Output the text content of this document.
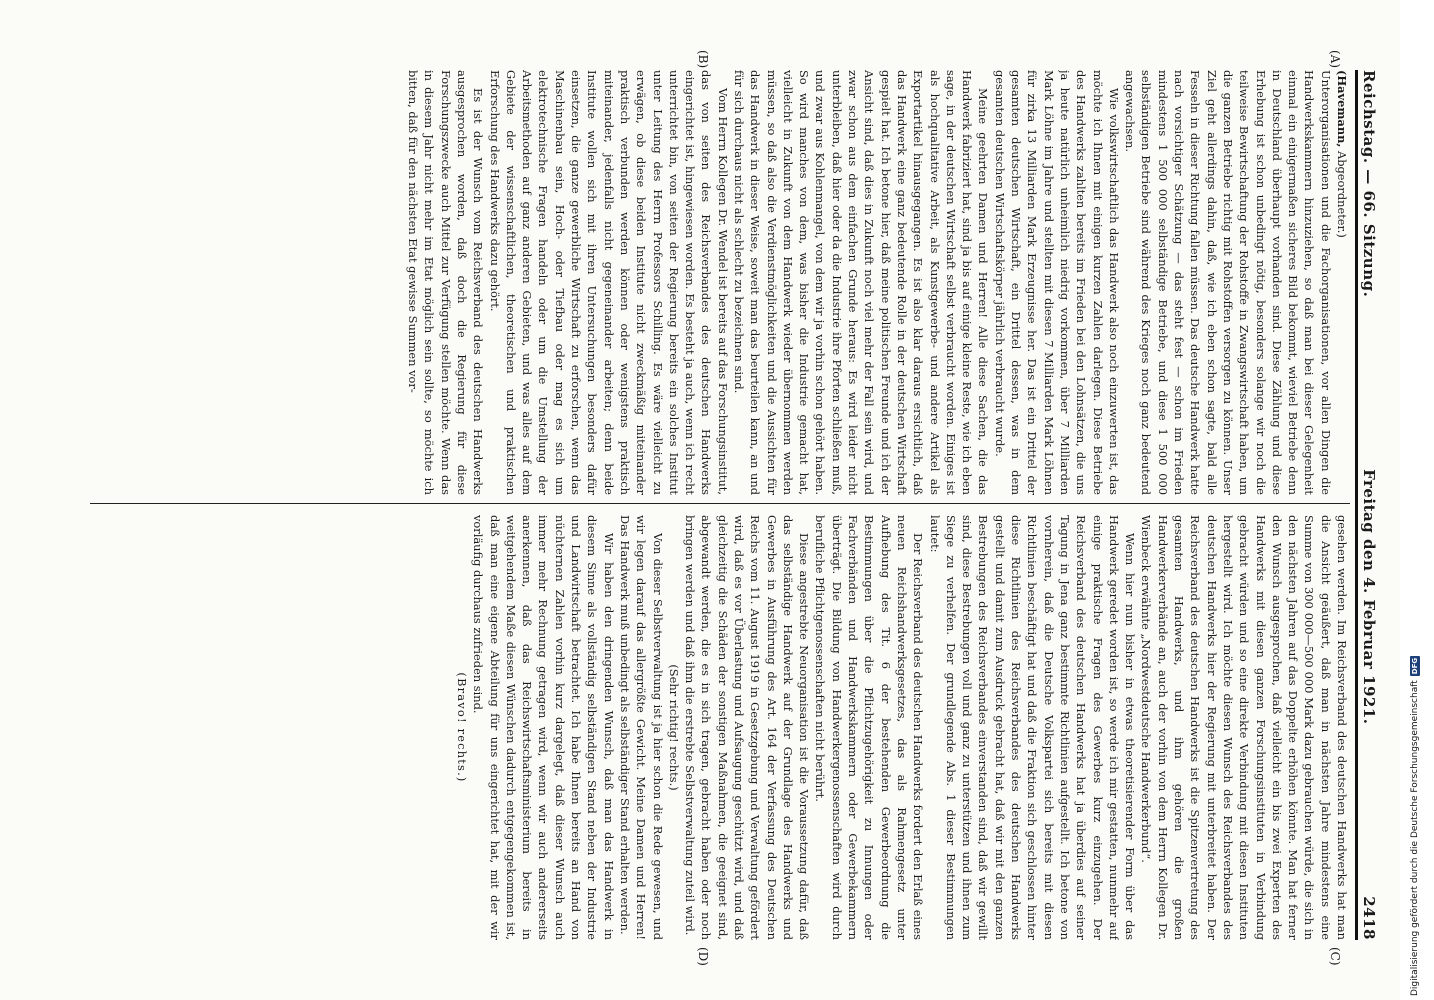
Reichstag. — 66. Sitzung.
Freitag den 4. Februar 1921.
2418
(A)
(B)
(C)
(D)

(Havemann, Abgeordneter.)

Unterorganisationen und die Fachorganisationen, vor allen Dingen die Handwerkskammern hinzuziehen, so daß man bei dieser Gelegenheit einmal ein einigermaßen sicheres Bild bekommt, wieviel Betriebe denn in Deutschland überhaupt vorhanden sind. Diese Zählung und diese Erhebung ist schon unbedingt nötig, besonders solange wir noch die teilweise Bewirtschaftung der Rohstoffe in Zwangswirtschaft haben, um die ganzen Betriebe richtig mit Rohstoffen versorgen zu können. Unser Ziel geht allerdings dahin, daß, wie ich eben schon sagte, bald alle Fesseln in dieser Richtung fallen müssen. Das deutsche Handwerk hatte nach vorsichtiger Schätzung — das steht fest — schon im Frieden mindestens 1 500 000 selbständige Betriebe, und diese 1 500 000 selbständigen Betriebe sind während des Krieges noch ganz bedeutend angewachsen.

Wie volkswirtschaftlich das Handwerk also noch einzuwerten ist, das möchte ich Ihnen mit einigen kurzen Zahlen darlegen. Diese Betriebe des Handwerks zahlten bereits im Frieden bei den Lohnsätzen, die uns ja heute natürlich unheimlich niedrig vorkommen, über 7 Milliarden Mark Löhne im Jahre und stellten mit diesen 7 Milliarden Mark Löhnen für zirka 13 Milliarden Mark Erzeugnisse her. Das ist ein Drittel der gesamten deutschen Wirtschaft, ein Drittel dessen, was in dem gesamten deutschen Wirtschaftskörper jährlich verbraucht wurde.

Meine geehrten Damen und Herren! Alle diese Sachen, die das Handwerk fabriziert hat, sind ja bis auf einige kleine Reste, wie ich eben sage, in der deutschen Wirtschaft selbst verbraucht worden. Einiges ist als hochqualitative Arbeit, als Kunstgewerbe- und andere Artikel als Exportartikel hinausgegangen. Es ist also klar daraus ersichtlich, daß das Handwerk eine ganz bedeutende Rolle in der deutschen Wirtschaft gespielt hat. Ich betone hier, daß meine politischen Freunde und ich der Ansicht sind, daß dies in Zukunft noch viel mehr der Fall sein wird, und zwar schon aus dem einfachen Grunde heraus: Es wird leider nicht unterbleiben, daß hier oder da die Industrie ihre Pforten schließen muß, und zwar aus Kohlenmangel, von dem wir ja vorhin schon gehört haben. So wird manches von dem, was bisher die Industrie gemacht hat, vielleicht in Zukunft von dem Handwerk wieder übernommen werden müssen, so daß also die Verdienstmöglichkeiten und die Aussichten für das Handwerk in dieser Weise, soweit man das beurteilen kann, an und für sich durchaus nicht als schlecht zu bezeichnen sind.

Vom Herrn Kollegen Dr. Wendel ist bereits auf das Forschungsinstitut, das von seiten des Reichsverbandes des deutschen Handwerks eingerichtet ist, hingewiesen worden. Es besteht ja auch, wenn ich recht unterrichtet bin, von seiten der Regierung bereits ein solches Institut unter Leitung des Herrn Professors Schilling. Es wäre vielleicht zu erwägen, ob diese beiden Institute nicht zweckmäßig miteinander praktisch verbunden werden können oder wenigstens praktisch miteinander, jedenfalls nicht gegeneinander arbeiten; denn beide Institute wollen sich mit ihren Untersuchungen besonders dafür einsetzen, die ganze gewerbliche Wirtschaft zu erforschen, wenn das Maschinenbau sein, Hoch- oder Tiefbau oder mag es sich um elektrotechnische Fragen handeln oder um die Umstellung der Arbeitsmethoden auf ganz anderen Gebieten, und was alles auf dem Gebiete der wissenschaftlichen, theoretischen und praktischen Erforschung des Handwerks dazu gehört.

Es ist der Wunsch vom Reichsverband des deutschen Handwerks ausgesprochen worden, daß doch die Regierung für diese Forschungszwecke auch Mittel zur Verfügung stellen möchte. Wenn das in diesem Jahr nicht mehr im Etat möglich sein sollte, so möchte ich bitten, daß für den nächsten Etat gewisse Summen vor-

gesehen werden. Im Reichsverband des deutschen Handwerks hat man die Ansicht geäußert, daß man in nächsten Jahre mindestens eine Summe von 300 000—500 000 Mark dazu gebrauchen würde, die sich in den nächsten Jahren auf das Doppelte erhöhen könnte. Man hat ferner den Wunsch ausgesprochen, daß vielleicht ein bis zwei Experten des Handwerks mit diesen ganzen Forschungsinstituten in Verbindung gebracht würden und so eine direkte Verbindung mit diesen Instituten hergestellt wird. Ich möchte diesen Wunsch des Reichsverbandes des deutschen Handwerks hier der Regierung mit unterbreitet haben. Der Reichsverband des deutschen Handwerks ist die Spitzenvertretung des gesamten Handwerks, und ihm gehören die großen Handwerkerverbände an, auch der vorhin von dem Herrn Kollegen Dr. Wienbeck erwähnte „Nordwestdeutsche Handwerkerbund“.

Wenn hier nun bisher in etwas theoretisierender Form über das Handwerk geredet worden ist, so werde ich mir gestatten, nunmehr auf einige praktische Fragen des Gewerbes kurz einzugehen. Der Reichsverband des deutschen Handwerks hat ja überdies auf seiner Tagung in Jena ganz bestimmte Richtlinien aufgestellt. Ich betone von vornherein, daß die Deutsche Volkspartei sich bereits mit diesen Richtlinien beschäftigt hat und daß die Fraktion sich geschlossen hinter diese Richtlinien des Reichsverbandes des deutschen Handwerks gestellt und damit zum Ausdruck gebracht hat, daß wir mit den ganzen Bestrebungen des Reichsverbandes einverstanden sind, daß wir gewillt sind, diese Bestrebungen voll und ganz zu unterstützen und ihnen zum Siege zu verhelfen. Der grundlegende Abs. 1 dieser Bestimmungen lautet:

Der Reichsverband des deutschen Handwerks fordert den Erlaß eines neuen Reichshandwerksgesetzes, das als Rahmengesetz unter Aufhebung des Tit. 6 der bestehenden Gewerbeordnung die Bestimmungen über die Pflichtzugehörigkeit zu Innungen oder Fachverbänden und Handwerkskammern oder Gewerbekammern überträgt. Die Bildung von Handwerkergenossenschaften wird durch berufliche Pflichtgenossenschaften nicht berührt.

Diese angestrebte Neuorganisation ist die Voraussetzung dafür, daß das selbständige Handwerk auf der Grundlage des Handwerks und Gewerbes in Ausführung des Art. 164 der Verfassung des Deutschen Reichs vom 11. August 1919 in Gesetzgebung und Verwaltung gefördert wird, daß es vor Überlastung und Aufsaugung geschützt wird, und daß gleichzeitig die Schäden der sonstigen Maßnahmen, die geeignet sind, abgewandt werden, die es in sich tragen, gebracht haben oder noch bringen werden und daß ihm die erstrebte Selbstverwaltung zuteil wird.

(Sehr richtig! rechts.)

Von dieser Selbstverwaltung ist ja hier schon die Rede gewesen, und wir legen darauf das allergrößte Gewicht. Meine Damen und Herren! Das Handwerk muß unbedingt als selbständiger Stand erhalten werden.

Wir haben den dringenden Wunsch, daß man das Handwerk in diesem Sinne als vollständig selbständigen Stand neben der Industrie und Landwirtschaft betrachtet. Ich habe Ihnen bereits an Hand von nüchternen Zahlen vorhin kurz dargelegt, daß dieser Wunsch auch immer mehr Rechnung getragen wird, wenn wir auch andererseits anerkennen, daß das Reichswirtschaftsministerium bereits in weitgehendem Maße diesen Wünschen dadurch entgegengekommen ist, daß man eine eigene Abteilung für uns eingerichtet hat, mit der wir vorläufig durchaus zufrieden sind.

(Bravo! rechts.)	Digitalisierung gefördert durch die Deutsche Forschungsgemeinschaft
DFG
